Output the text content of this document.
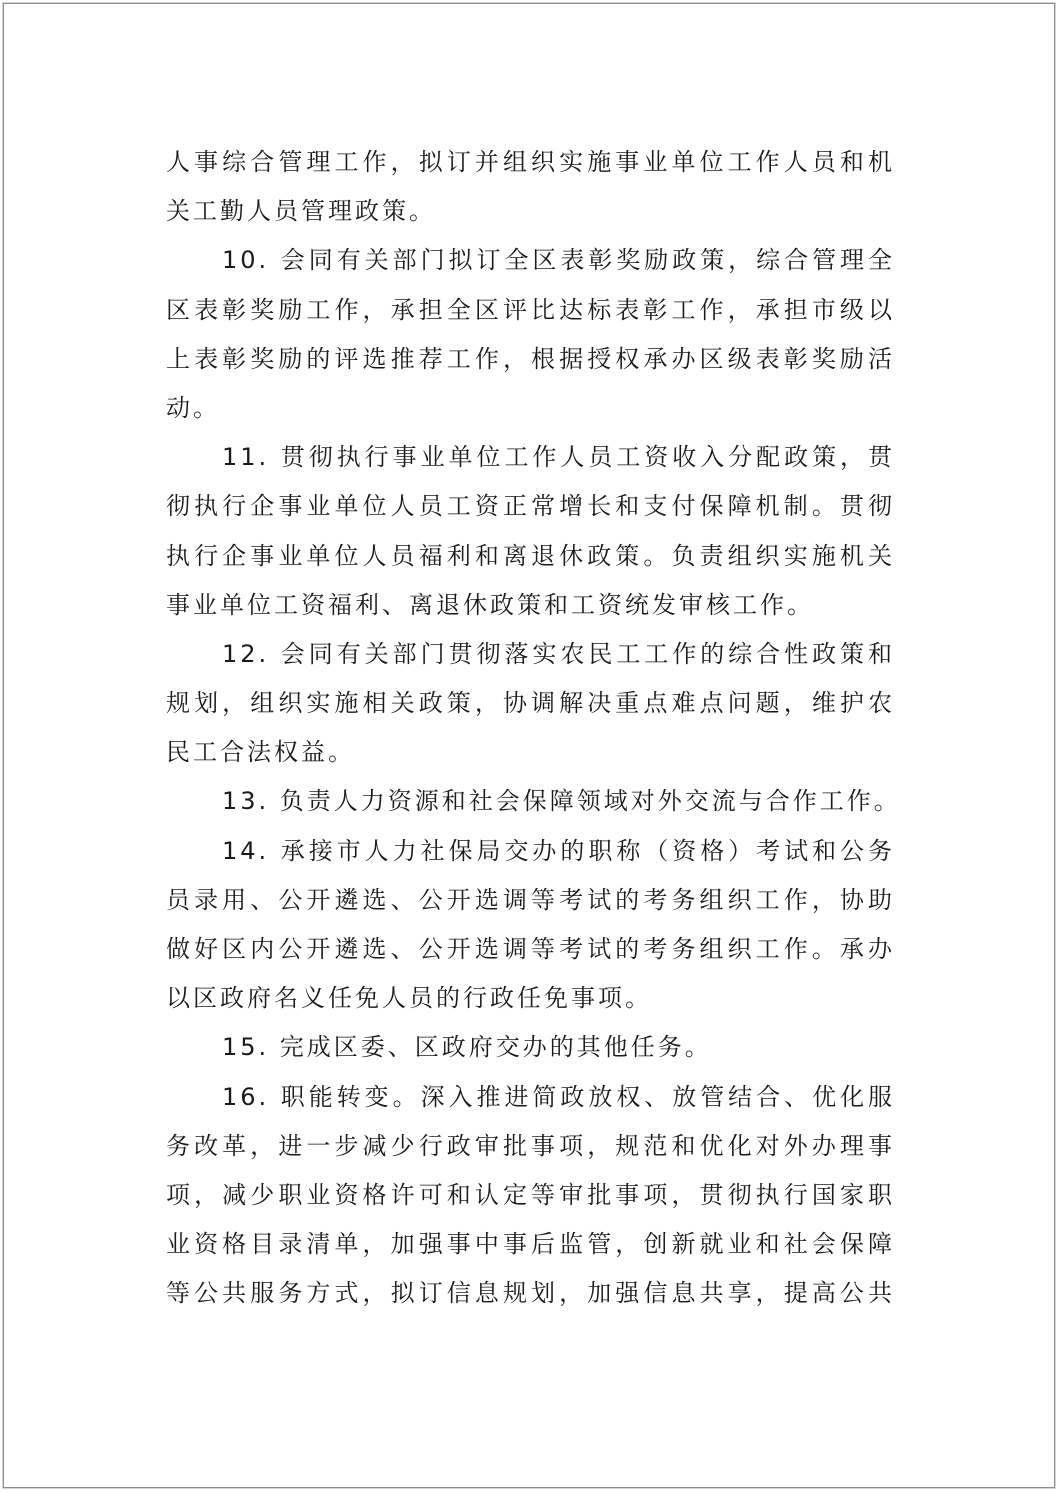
人事综合管理工作，拟订并组织实施事业单位工作人员和机
关工勤人员管理政策。
10. 会同有关部门拟订全区表彰奖励政策，综合管理全
区表彰奖励工作，承担全区评比达标表彰工作，承担市级以
上表彰奖励的评选推荐工作，根据授权承办区级表彰奖励活
动。
11. 贯彻执行事业单位工作人员工资收入分配政策，贯
彻执行企事业单位人员工资正常增长和支付保障机制。贯彻
执行企事业单位人员福利和离退休政策。负责组织实施机关
事业单位工资福利、离退休政策和工资统发审核工作。
12. 会同有关部门贯彻落实农民工工作的综合性政策和
规划，组织实施相关政策，协调解决重点难点问题，维护农
民工合法权益。
13. 负责人力资源和社会保障领域对外交流与合作工作。
14. 承接市人力社保局交办的职称（资格）考试和公务
员录用、公开遴选、公开选调等考试的考务组织工作，协助
做好区内公开遴选、公开选调等考试的考务组织工作。承办
以区政府名义任免人员的行政任免事项。
15. 完成区委、区政府交办的其他任务。
16. 职能转变。深入推进简政放权、放管结合、优化服
务改革，进一步减少行政审批事项，规范和优化对外办理事
项，减少职业资格许可和认定等审批事项，贯彻执行国家职
业资格目录清单，加强事中事后监管，创新就业和社会保障
等公共服务方式，拟订信息规划，加强信息共享，提高公共
